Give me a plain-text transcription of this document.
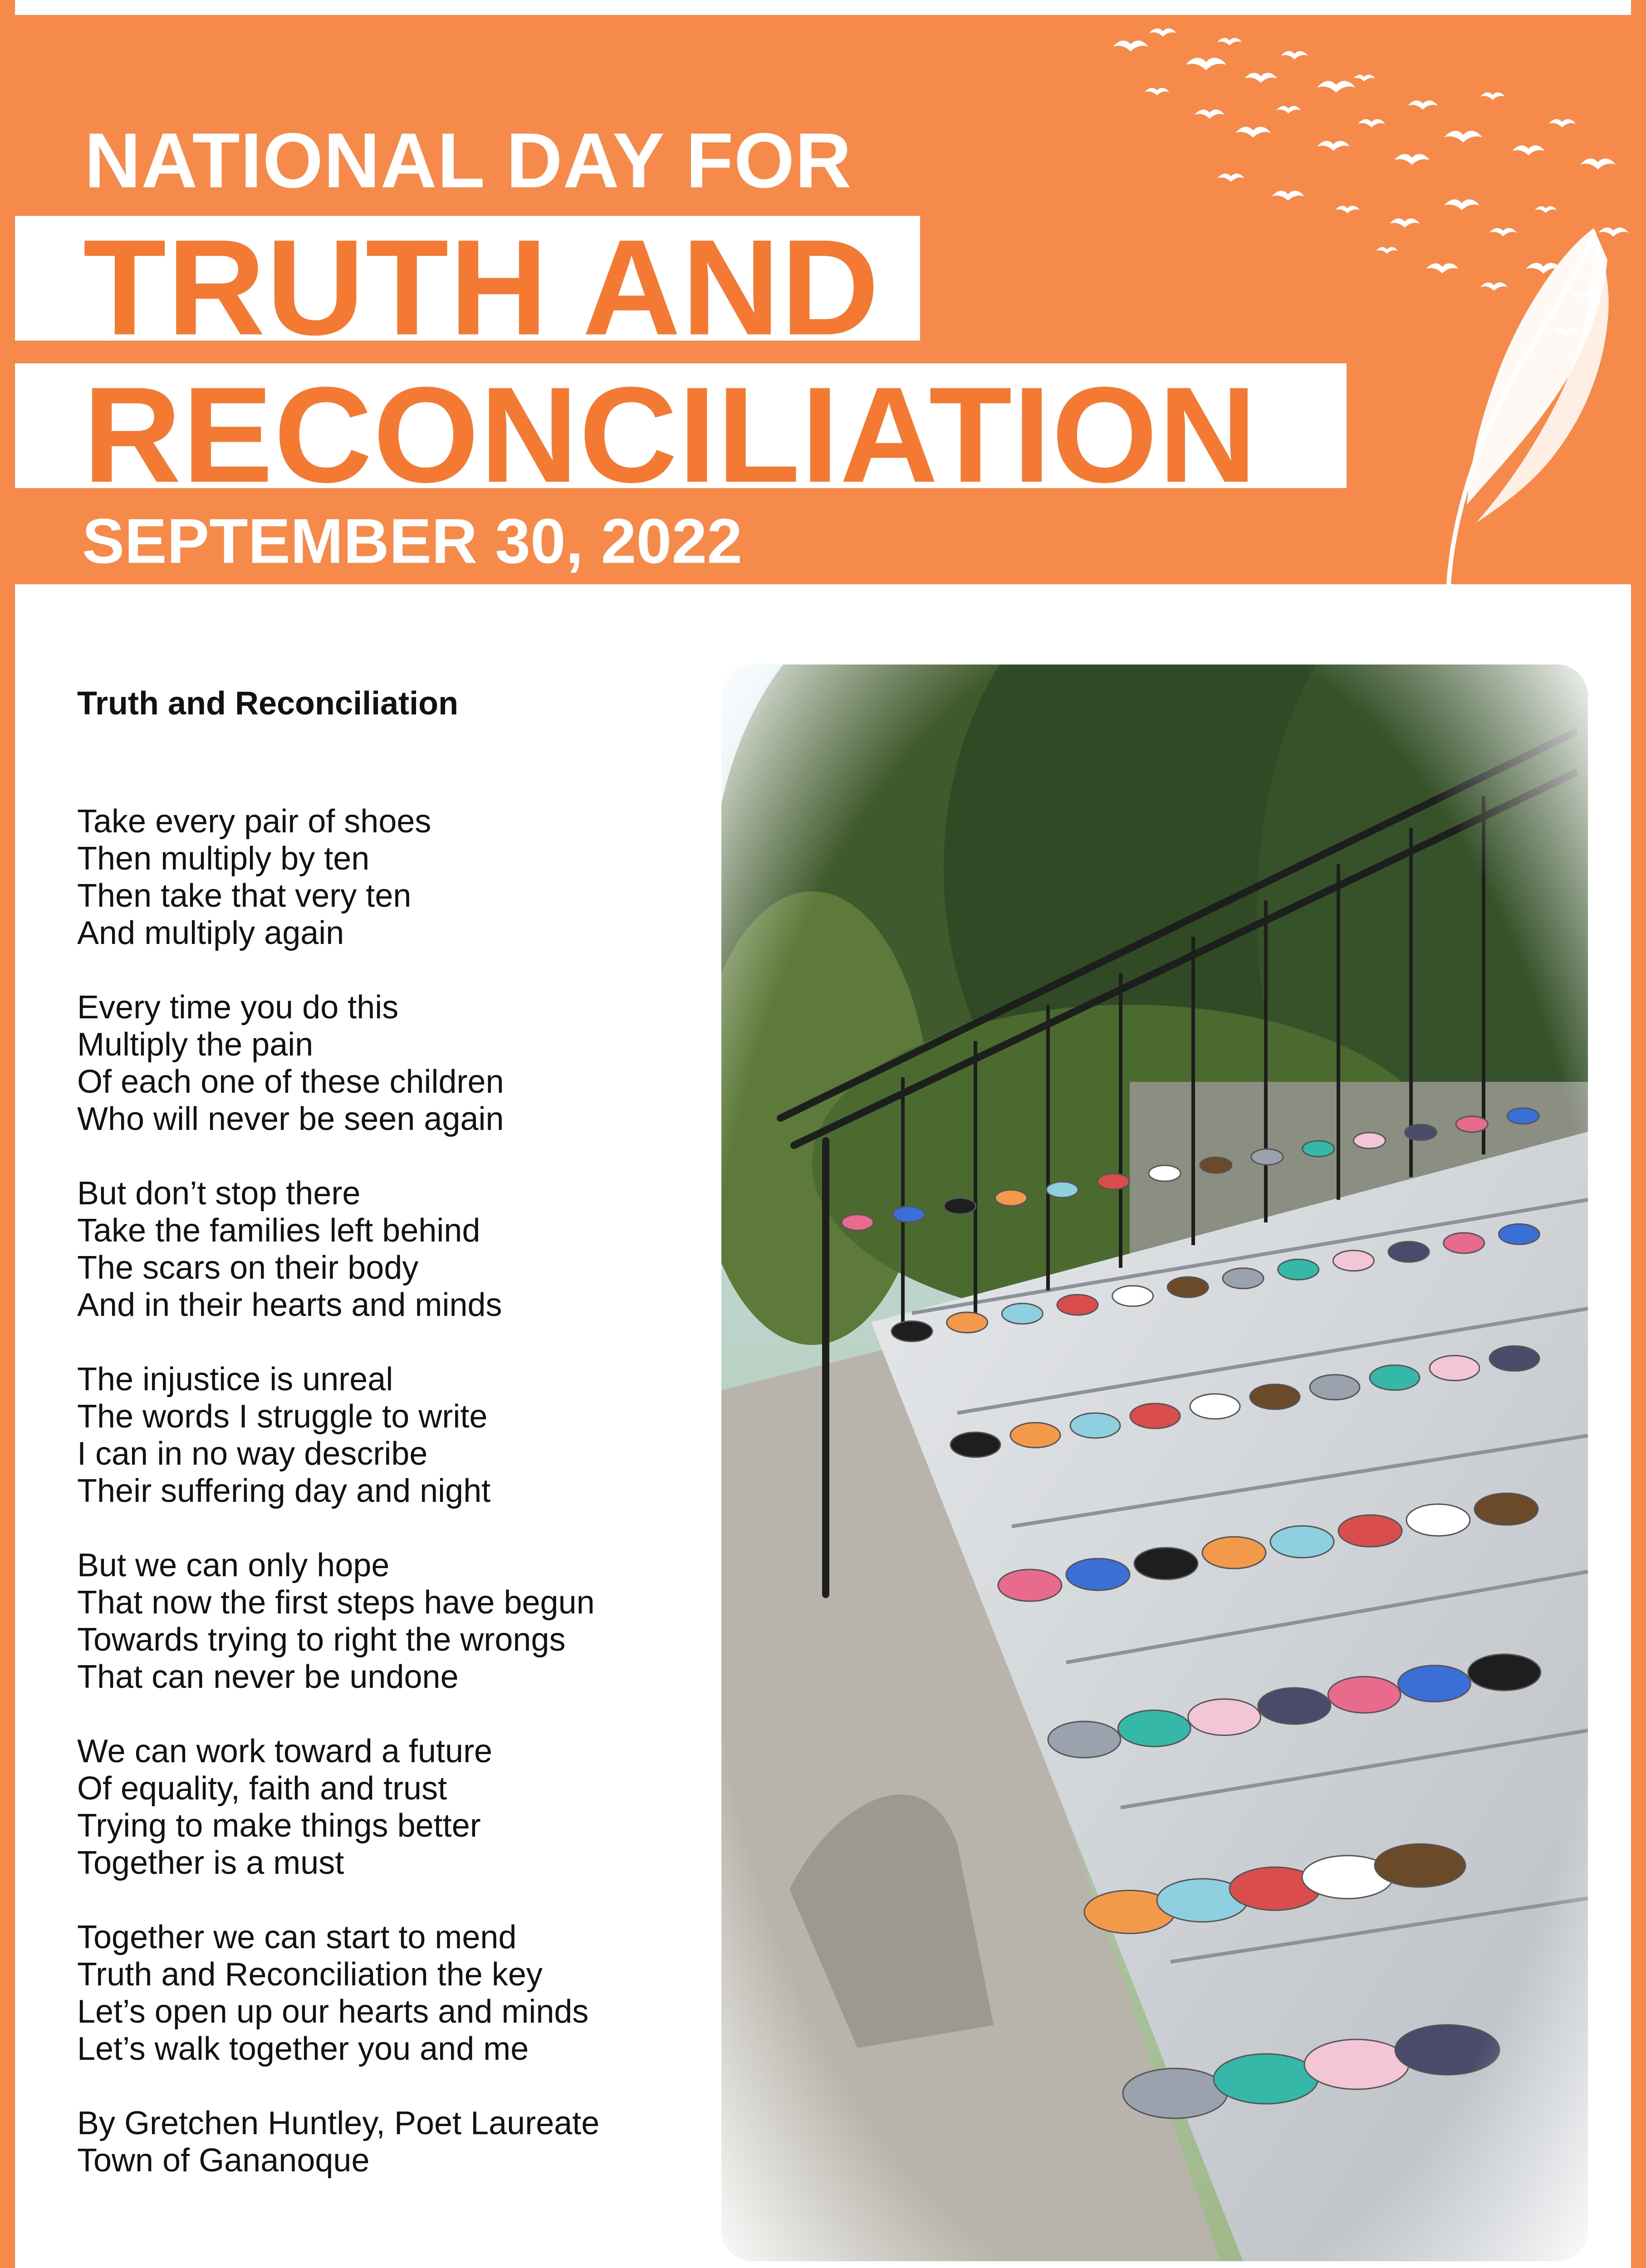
NATIONAL DAY FOR
TRUTH AND
RECONCILIATION
SEPTEMBER 30, 2022
Truth and Reconciliation
Take every pair of shoes
Then multiply by ten
Then take that very ten
And multiply again
Every time you do this
Multiply the pain
Of each one of these children
Who will never be seen again
But don’t stop there
Take the families left behind
The scars on their body
And in their hearts and minds
The injustice is unreal
The words I struggle to write
I can in no way describe
Their suffering day and night
But we can only hope
That now the first steps have begun
Towards trying to right the wrongs
That can never be undone
We can work toward a future
Of equality, faith and trust
Trying to make things better
Together is a must
Together we can start to mend
Truth and Reconciliation the key
Let’s open up our hearts and minds
Let’s walk together you and me
By Gretchen Huntley, Poet Laureate
Town of Gananoque
